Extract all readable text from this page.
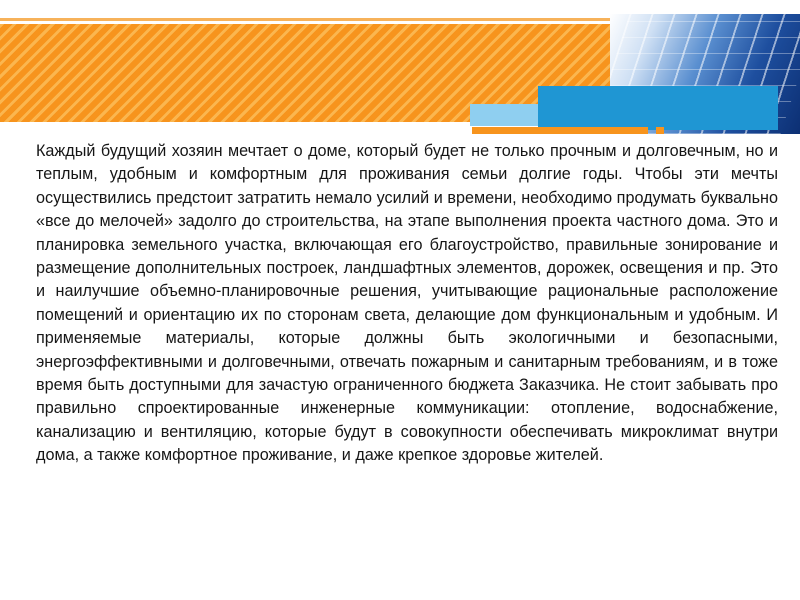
Каждый будущий хозяин мечтает о доме, который будет не только прочным и долговечным, но и теплым, удобным и комфортным для проживания семьи долгие годы. Чтобы эти мечты осуществились предстоит затратить немало усилий и времени, необходимо продумать буквально «все до мелочей» задолго до строительства, на этапе выполнения проекта частного дома. Это и планировка земельного участка, включающая его благоустройство, правильные зонирование и размещение дополнительных построек, ландшафтных элементов, дорожек, освещения и пр. Это и наилучшие объемно-планировочные решения, учитывающие рациональные расположение помещений и ориентацию их по сторонам света, делающие дом функциональным и удобным. И применяемые материалы, которые должны быть экологичными и безопасными, энергоэффективными и долговечными, отвечать пожарным и санитарным требованиям, и в тоже время быть доступными для зачастую ограниченного бюджета Заказчика. Не стоит забывать про правильно спроектированные инженерные коммуникации: отопление, водоснабжение, канализацию и вентиляцию, которые будут в совокупности обеспечивать микроклимат внутри дома, а также комфортное проживание, и даже крепкое здоровье жителей.
